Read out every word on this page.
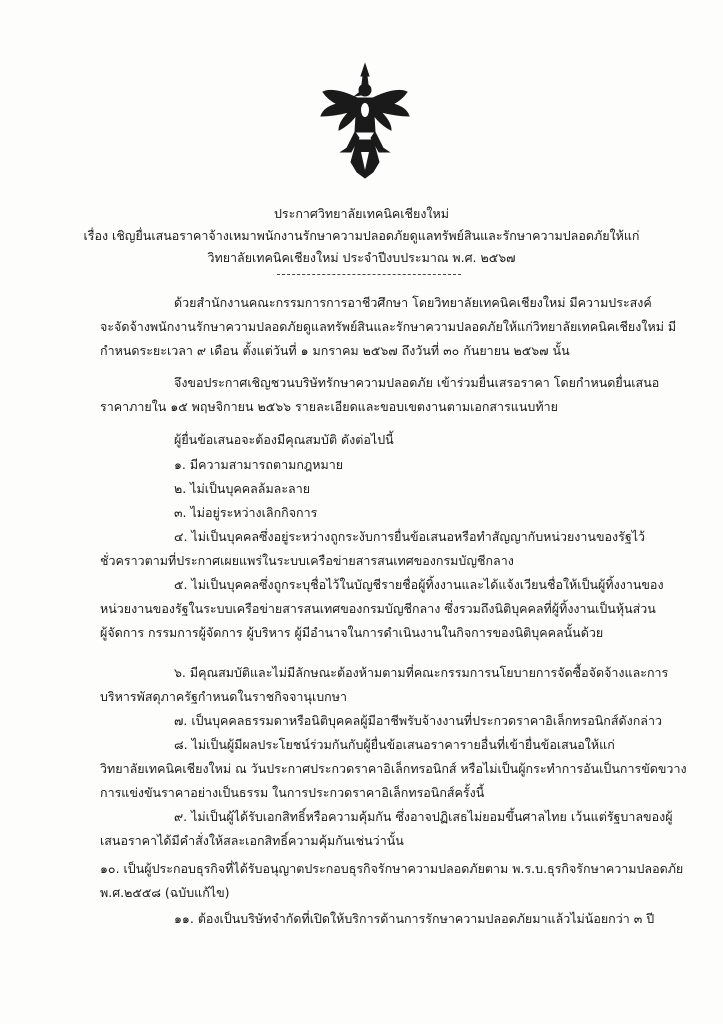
ประกาศวิทยาลัยเทคนิคเชียงใหม่
เรื่อง เชิญยื่นเสนอราคาจ้างเหมาพนักงานรักษาความปลอดภัยดูแลทรัพย์สินและรักษาความปลอดภัยให้แก่
วิทยาลัยเทคนิคเชียงใหม่ ประจำปีงบประมาณ พ.ศ. ๒๕๖๗
ด้วยสำนักงานคณะกรรมการการอาชีวศึกษา โดยวิทยาลัยเทคนิคเชียงใหม่ มีความประสงค์
จะจัดจ้างพนักงานรักษาความปลอดภัยดูแลทรัพย์สินและรักษาความปลอดภัยให้แก่วิทยาลัยเทคนิคเชียงใหม่ มี
กำหนดระยะเวลา ๙ เดือน ตั้งแต่วันที่ ๑ มกราคม ๒๕๖๗ ถึงวันที่ ๓๐ กันยายน ๒๕๖๗ นั้น
จึงขอประกาศเชิญชวนบริษัทรักษาความปลอดภัย เข้าร่วมยื่นเสรอราคา โดยกำหนดยื่นเสนอ
ราคาภายใน ๑๕ พฤษจิกายน ๒๕๖๖ รายละเอียดและขอบเขตงานตามเอกสารแนบท้าย
ผู้ยื่นข้อเสนอจะต้องมีคุณสมบัติ ดังต่อไปนี้
๑. มีความสามารถตามกฎหมาย
๒. ไม่เป็นบุคคลล้มละลาย
๓. ไม่อยู่ระหว่างเลิกกิจการ
๔. ไม่เป็นบุคคลซึ่งอยู่ระหว่างถูกระงับการยื่นข้อเสนอหรือทำสัญญากับหน่วยงานของรัฐไว้
ชั่วคราวตามที่ประกาศเผยแพร่ในระบบเครือข่ายสารสนเทศของกรมบัญชีกลาง
๕. ไม่เป็นบุคคลซึ่งถูกระบุชื่อไว้ในบัญชีรายชื่อผู้ทิ้งงานและได้แจ้งเวียนชื่อให้เป็นผู้ทิ้งงานของ
หน่วยงานของรัฐในระบบเครือข่ายสารสนเทศของกรมบัญชีกลาง ซึ่งรวมถึงนิติบุคคลที่ผู้ทิ้งงานเป็นหุ้นส่วน
ผู้จัดการ กรรมการผู้จัดการ ผู้บริหาร ผู้มีอำนาจในการดำเนินงานในกิจการของนิติบุคคลนั้นด้วย
๖. มีคุณสมบัติและไม่มีลักษณะต้องห้ามตามที่คณะกรรมการนโยบายการจัดซื้อจัดจ้างและการ
บริหารพัสดุภาครัฐกำหนดในราชกิจจานุเบกษา
๗. เป็นบุคคลธรรมดาหรือนิติบุคคลผู้มีอาชีพรับจ้างงานที่ประกวดราคาอิเล็กทรอนิกส์ดังกล่าว
๘. ไม่เป็นผู้มีผลประโยชน์ร่วมกันกับผู้ยื่นข้อเสนอราคารายอื่นที่เข้ายื่นข้อเสนอให้แก่
วิทยาลัยเทคนิคเชียงใหม่ ณ วันประกาศประกวดราคาอิเล็กทรอนิกส์ หรือไม่เป็นผู้กระทำการอันเป็นการขัดขวาง
การแข่งขันราคาอย่างเป็นธรรม ในการประกวดราคาอิเล็กทรอนิกส์ครั้งนี้
๙. ไม่เป็นผู้ได้รับเอกสิทธิ์หรือความคุ้มกัน ซึ่งอาจปฏิเสธไม่ยอมขึ้นศาลไทย เว้นแต่รัฐบาลของผู้
เสนอราคาได้มีคำสั่งให้สละเอกสิทธิ์ความคุ้มกันเช่นว่านั้น
๑๐. เป็นผู้ประกอบธุรกิจที่ได้รับอนุญาตประกอบธุรกิจรักษาความปลอดภัยตาม พ.ร.บ.ธุรกิจรักษาความปลอดภัย
พ.ศ.๒๕๕๘ (ฉบับแก้ไข)
๑๑. ต้องเป็นบริษัทจำกัดที่เปิดให้บริการด้านการรักษาความปลอดภัยมาแล้วไม่น้อยกว่า ๓ ปี
